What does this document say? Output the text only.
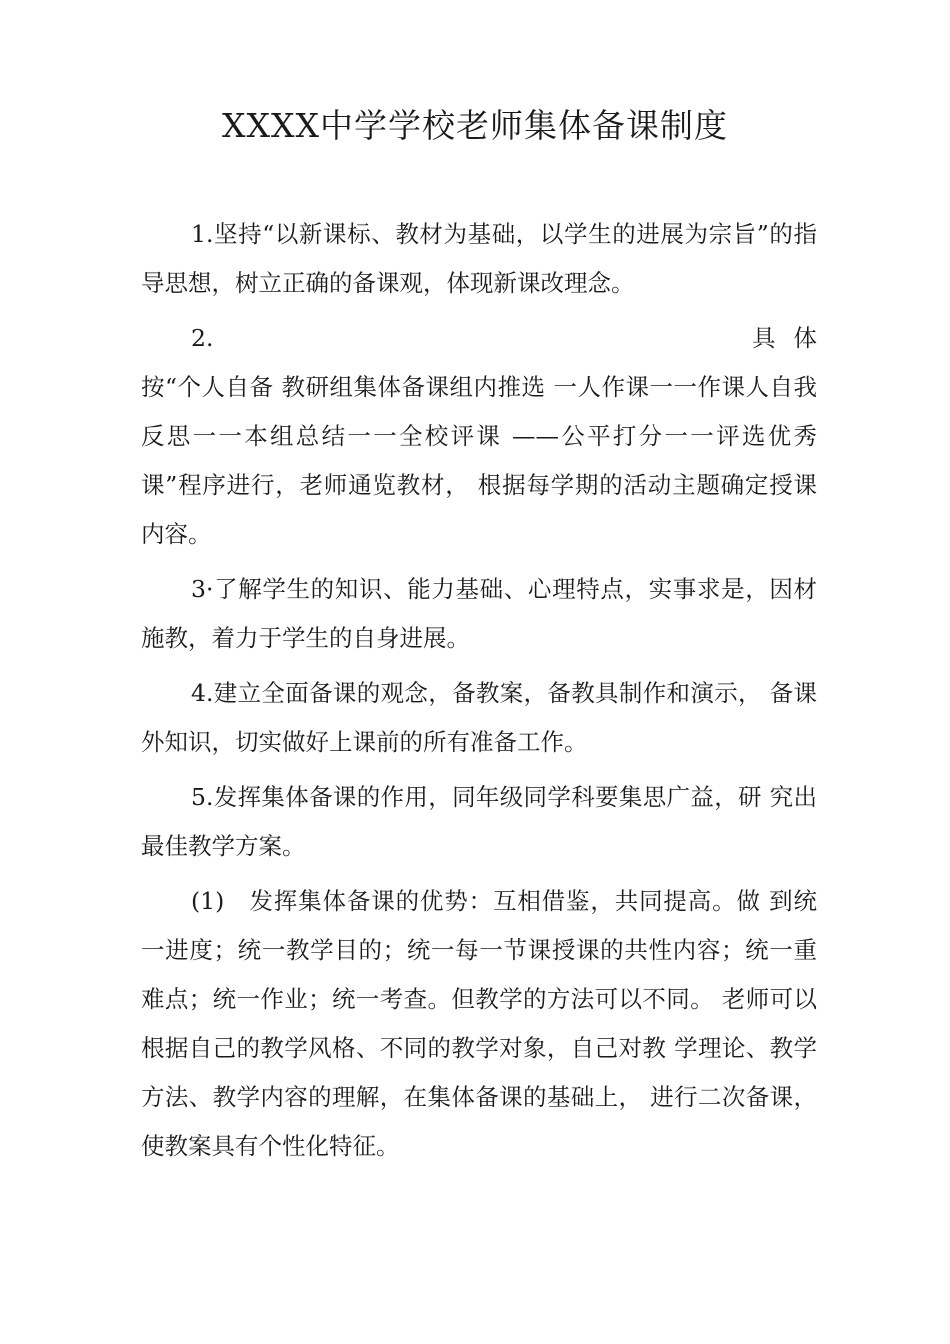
XXXX中学学校老师集体备课制度

1.坚持“以新课标、教材为基础，以学生的进展为宗旨”的指导思想，树立正确的备课观，体现新课改理念。

2.	具体

按“个人自备 教研组集体备课组内推选 一人作课一一作课人自我反思一一本组总结一一全校评课 ——公平打分一一评选优秀课”程序进行，老师通览教材， 根据每学期的活动主题确定授课内容。

3·了解学生的知识、能力基础、心理特点，实事求是，因材施教，着力于学生的自身进展。

4.建立全面备课的观念，备教案，备教具制作和演示， 备课外知识，切实做好上课前的所有准备工作。

5.发挥集体备课的作用，同年级同学科要集思广益，研 究出最佳教学方案。

(1)　发挥集体备课的优势：互相借鉴，共同提高。做 到统一进度；统一教学目的；统一每一节课授课的共性内容；统一重难点；统一作业；统一考查。但教学的方法可以不同。 老师可以根据自己的教学风格、不同的教学对象，自己对教 学理论、教学方法、教学内容的理解，在集体备课的基础上， 进行二次备课，使教案具有个性化特征。
